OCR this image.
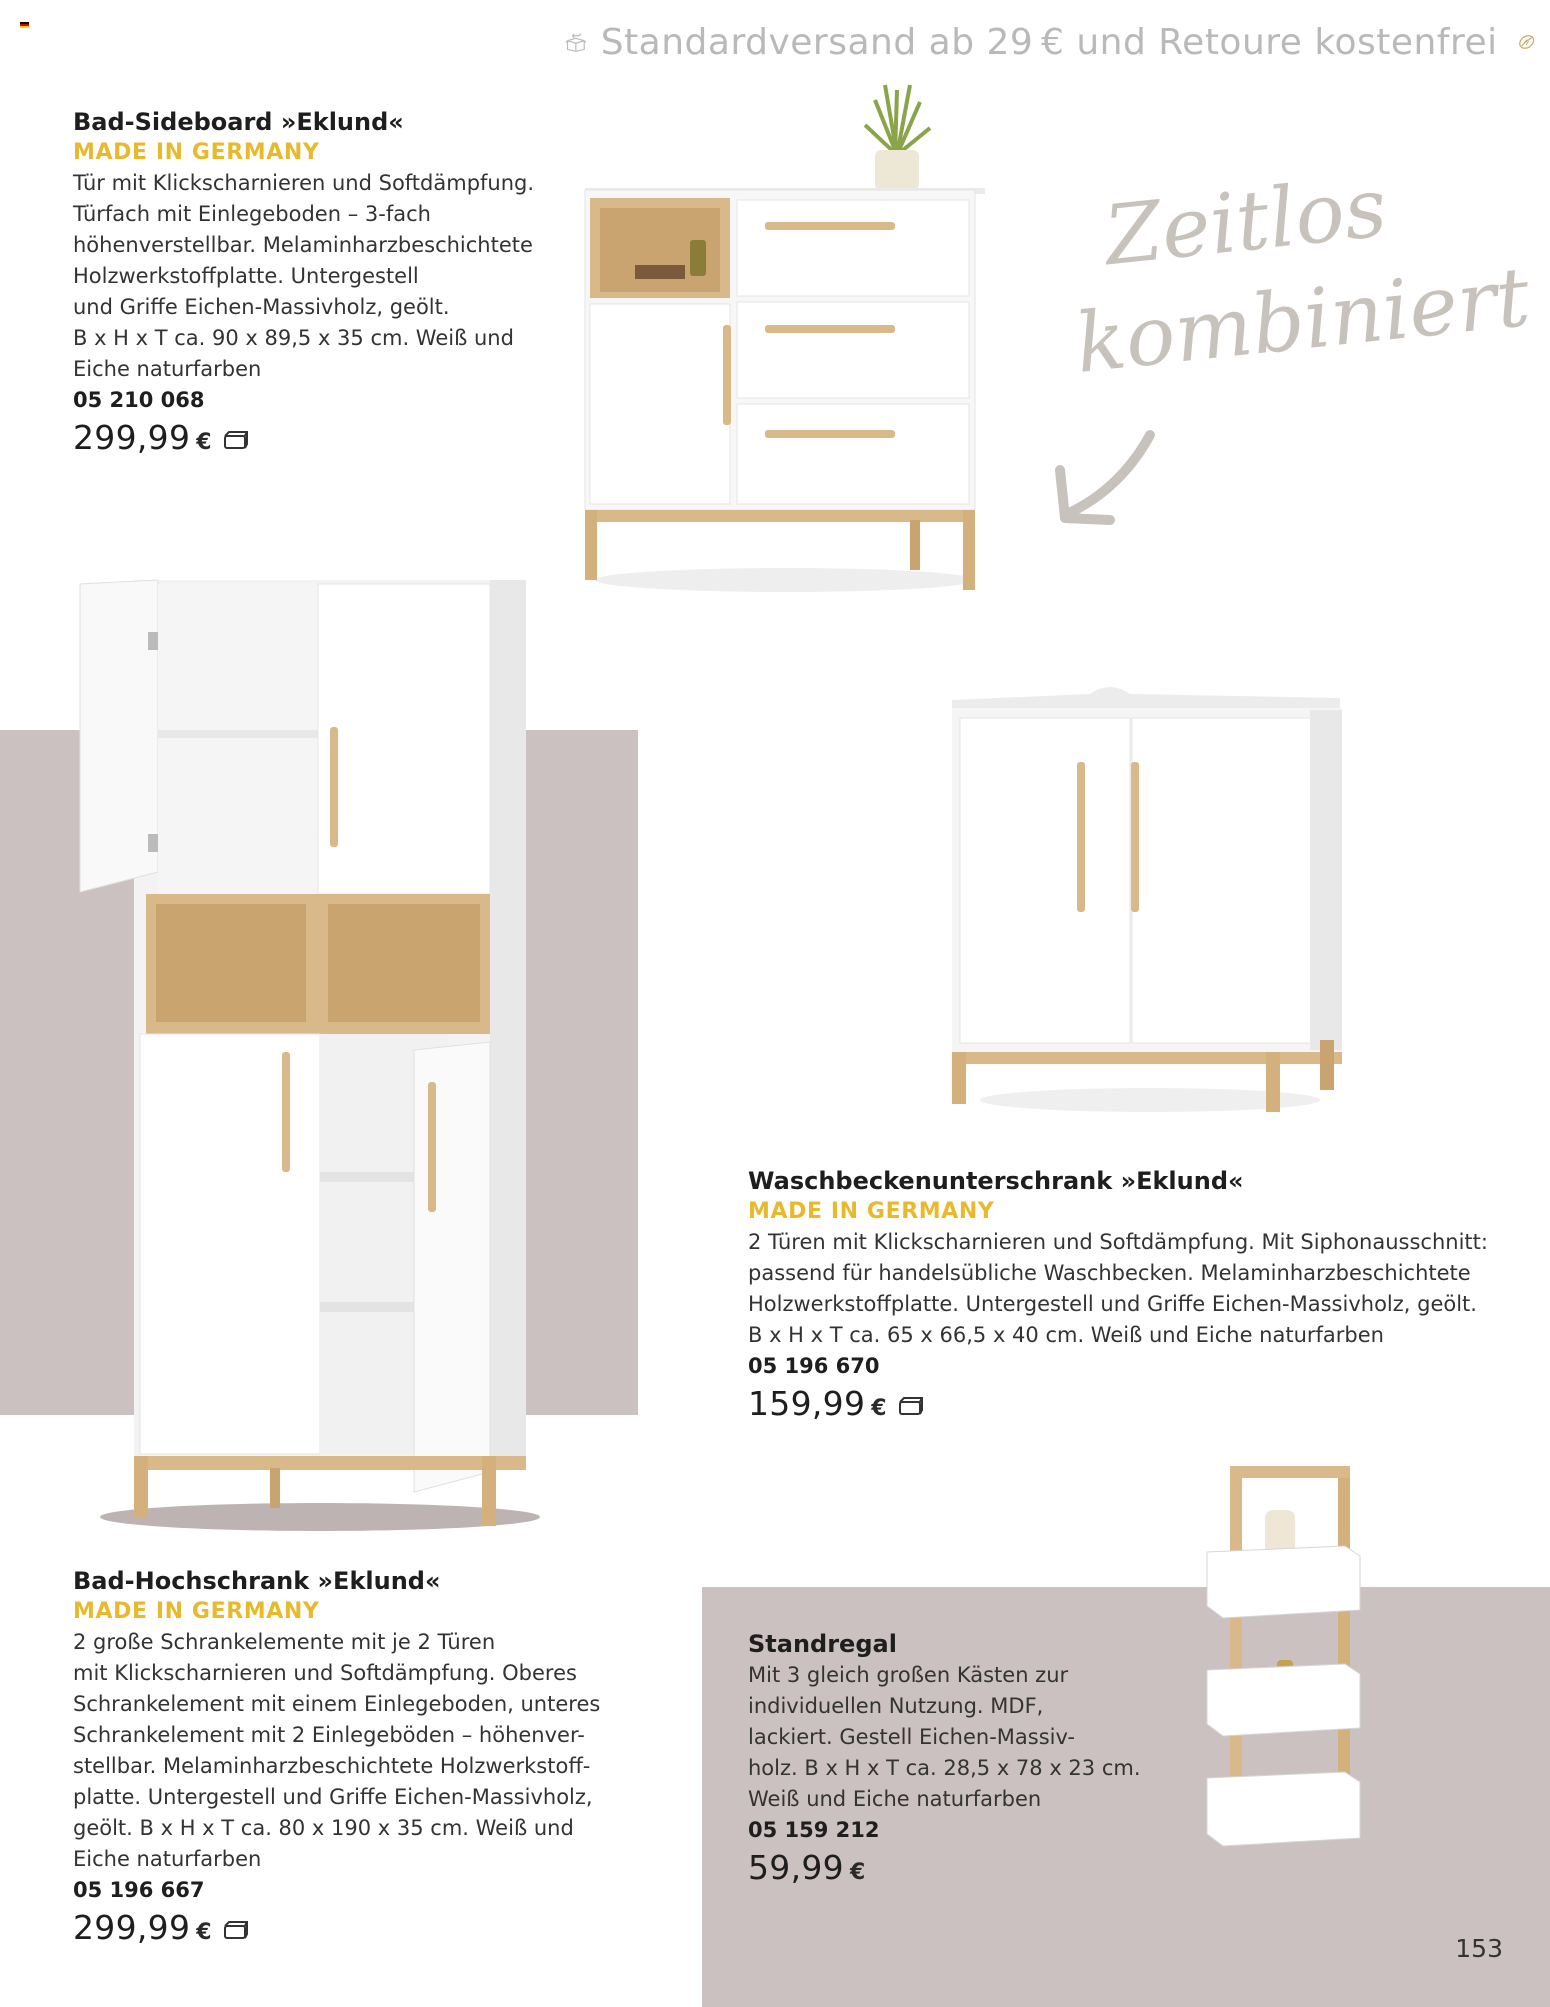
Standardversand ab 29 € und Retoure kostenfrei
Bad-Sideboard »Eklund«
MADE IN GERMANY
Tür mit Klickscharnieren und Softdämpfung.
Türfach mit Einlegeboden – 3-fach
höhenverstellbar. Melaminharzbeschichtete
Holzwerkstoffplatte. Untergestell
und Griffe Eichen-Massivholz, geölt.
B x H x T ca. 90 x 89,5 x 35 cm. Weiß und
Eiche naturfarben
05 210 068
299,99 €
Zeitlos
kombiniert
Waschbeckenunterschrank »Eklund«
MADE IN GERMANY
2 Türen mit Klickscharnieren und Softdämpfung. Mit Siphonausschnitt:
passend für handelsübliche Waschbecken. Melaminharzbeschichtete
Holzwerkstoffplatte. Untergestell und Griffe Eichen-Massivholz, geölt.
B x H x T ca. 65 x 66,5 x 40 cm. Weiß und Eiche naturfarben
05 196 670
159,99 €
Bad-Hochschrank »Eklund«
MADE IN GERMANY
2 große Schrankelemente mit je 2 Türen
mit Klickscharnieren und Softdämpfung. Oberes
Schrankelement mit einem Einlegeboden, unteres
Schrankelement mit 2 Einlegeböden – höhenver-
stellbar. Melaminharzbeschichtete Holzwerkstoff-
platte. Untergestell und Griffe Eichen-Massivholz,
geölt. B x H x T ca. 80 x 190 x 35 cm. Weiß und
Eiche naturfarben
05 196 667
299,99 €
Standregal
Mit 3 gleich großen Kästen zur
individuellen Nutzung. MDF,
lackiert. Gestell Eichen-Massiv-
holz. B x H x T ca. 28,5 x 78 x 23 cm.
Weiß und Eiche naturfarben
05 159 212
59,99 €
153
